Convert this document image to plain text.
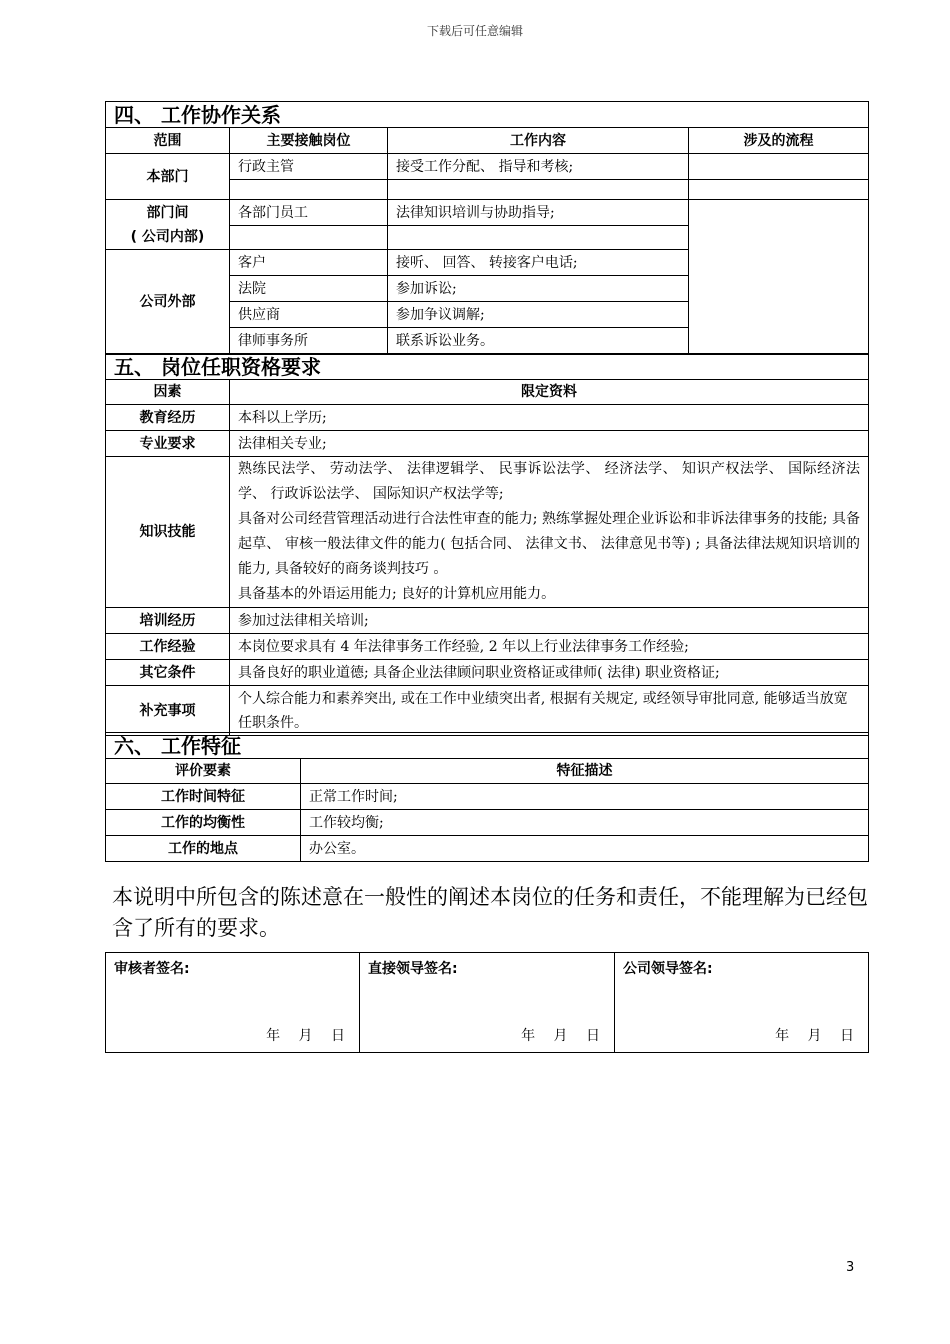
下载后可任意编辑
四、 工作协作关系			
范围	主要接触岗位	工作内容	涉及的流程
本部门	行政主管	接受工作分配、 指导和考核;	

部门间
( 公司内部)	各部门员工	法律知识培训与协助指导;	

公司外部	客户	接听、 回答、 转接客户电话;	
	法院	参加诉讼;	
	供应商	参加争议调解;	
	律师事务所	联系诉讼业务。	
五、 岗位任职资格要求	
因素	限定资料
教育经历	本科以上学历;
专业要求	法律相关专业;
知识技能	熟练民法学、 劳动法学、 法律逻辑学、 民事诉讼法学、 经济法学、 知识产权法学、 国际经济法学、 行政诉讼法学、 国际知识产权法学等;
具备对公司经营管理活动进行合法性审查的能力; 熟练掌握处理企业诉讼和非诉法律事务的技能; 具备起草、 审核一般法律文件的能力( 包括合同、 法律文书、 法律意见书等) ; 具备法律法规知识培训的能力, 具备较好的商务谈判技巧 。
具备基本的外语运用能力; 良好的计算机应用能力。

培训经历	参加过法律相关培训;
工作经验	本岗位要求具有 4 年法律事务工作经验, 2 年以上行业法律事务工作经验;
其它条件	具备良好的职业道德; 具备企业法律顾问职业资格证或律师( 法律) 职业资格证;
补充事项	个人综合能力和素养突出, 或在工作中业绩突出者, 根据有关规定, 或经领导审批同意, 能够适当放宽任职条件。
六、 工作特征	
评价要素	特征描述
工作时间特征	正常工作时间;
工作的均衡性	工作较均衡;
工作的地点	办公室。
本说明中所包含的陈述意在一般性的阐述本岗位的任务和责任，不能理解为已经包含了所有的要求。
审核者签名:
年 月 日
	直接领导签名:
年 月 日
	公司领导签名:
年 月 日
3
